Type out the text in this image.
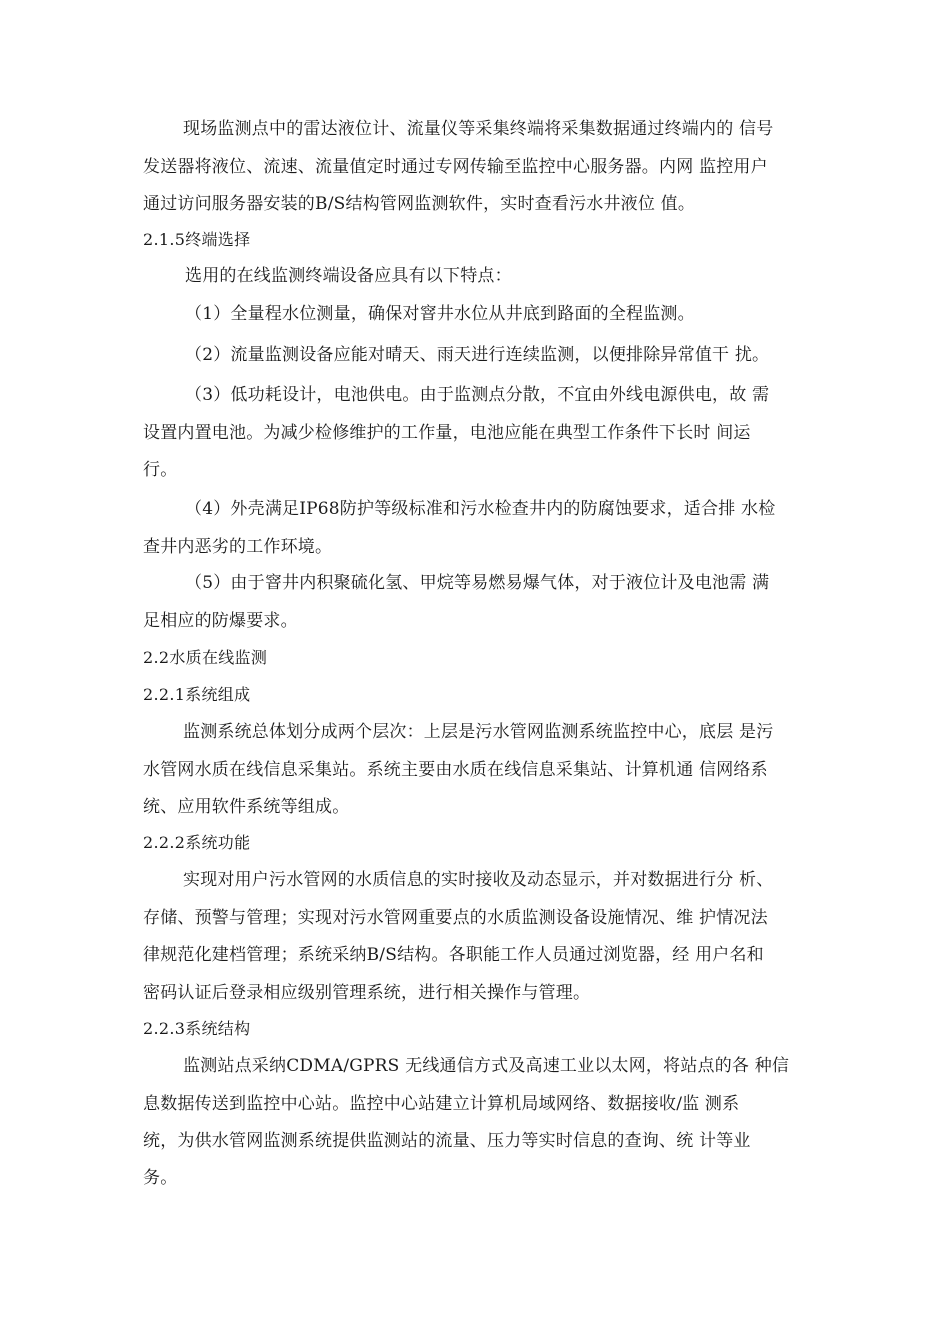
现场监测点中的雷达液位计、流量仪等采集终端将采集数据通过终端内的 信号
发送器将液位、流速、流量值定时通过专网传输至监控中心服务器。内网 监控用户
通过访问服务器安装的B/S结构管网监测软件，实时查看污水井液位 值。
2.1.5终端选择
选用的在线监测终端设备应具有以下特点：
（1）全量程水位测量，确保对窨井水位从井底到路面的全程监测。
（2）流量监测设备应能对晴天、雨天进行连续监测，以便排除异常值干 扰。
（3）低功耗设计，电池供电。由于监测点分散，不宜由外线电源供电，故 需
设置内置电池。为减少检修维护的工作量，电池应能在典型工作条件下长时 间运
行。
（4）外壳满足IP68防护等级标准和污水检查井内的防腐蚀要求，适合排 水检
查井内恶劣的工作环境。
（5）由于窨井内积聚硫化氢、甲烷等易燃易爆气体，对于液位计及电池需 满
足相应的防爆要求。
2.2水质在线监测
2.2.1系统组成
监测系统总体划分成两个层次：上层是污水管网监测系统监控中心，底层 是污
水管网水质在线信息采集站。系统主要由水质在线信息采集站、计算机通 信网络系
统、应用软件系统等组成。
2.2.2系统功能
实现对用户污水管网的水质信息的实时接收及动态显示，并对数据进行分 析、
存储、预警与管理；实现对污水管网重要点的水质监测设备设施情况、维 护情况法
律规范化建档管理；系统采纳B/S结构。各职能工作人员通过浏览器，经 用户名和
密码认证后登录相应级别管理系统，进行相关操作与管理。
2.2.3系统结构
监测站点采纳CDMA/GPRS 无线通信方式及高速工业以太网，将站点的各 种信
息数据传送到监控中心站。监控中心站建立计算机局域网络、数据接收/监 测系
统，为供水管网监测系统提供监测站的流量、压力等实时信息的查询、统 计等业
务。
